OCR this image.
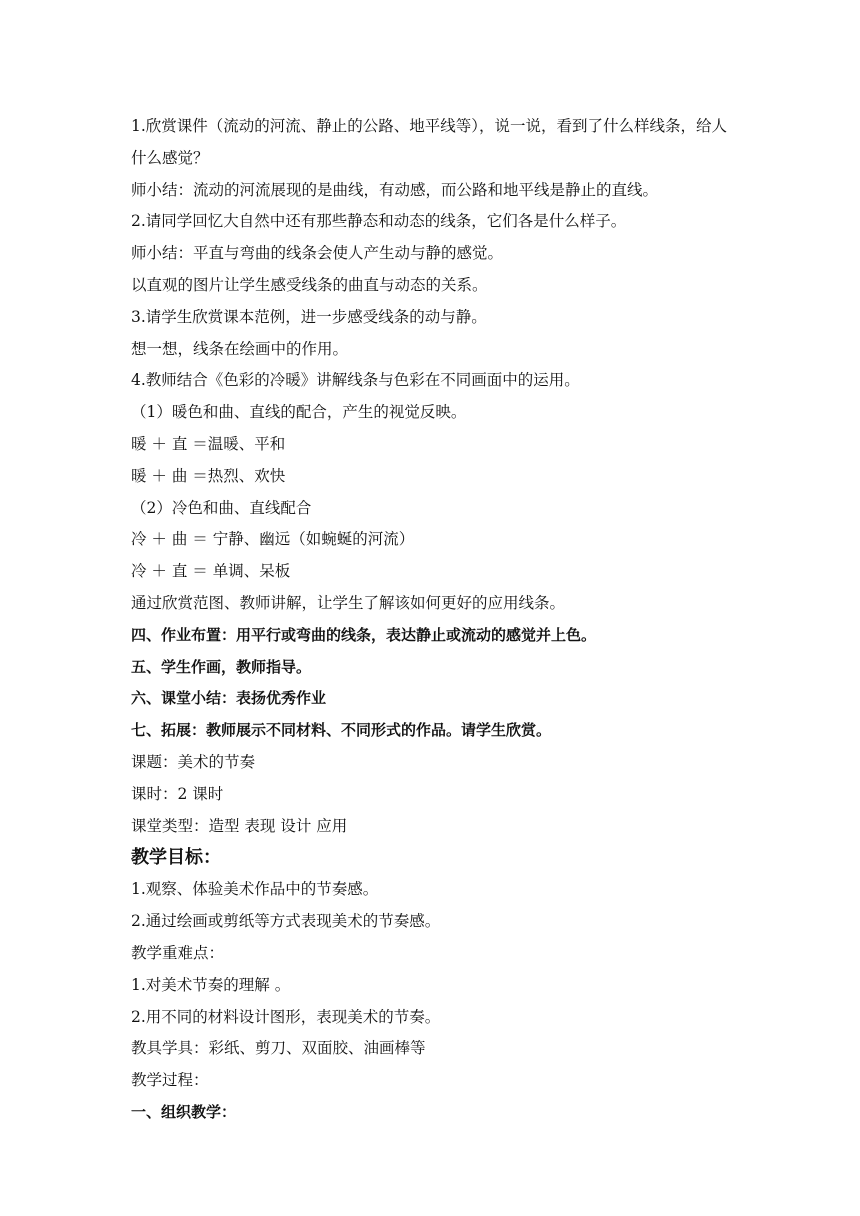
1.欣赏课件（流动的河流、静止的公路、地平线等），说一说，看到了什么样线条，给人什么感觉？

师小结：流动的河流展现的是曲线，有动感，而公路和地平线是静止的直线。

2.请同学回忆大自然中还有那些静态和动态的线条，它们各是什么样子。

师小结：平直与弯曲的线条会使人产生动与静的感觉。

以直观的图片让学生感受线条的曲直与动态的关系。

3.请学生欣赏课本范例，进一步感受线条的动与静。

想一想，线条在绘画中的作用。

4.教师结合《色彩的冷暖》讲解线条与色彩在不同画面中的运用。

（1）暖色和曲、直线的配合，产生的视觉反映。

暖 ＋ 直 ＝温暖、平和

暖 ＋ 曲 ＝热烈、欢快

（2）冷色和曲、直线配合

冷 ＋ 曲 ＝ 宁静、幽远（如蜿蜒的河流）

冷 ＋ 直 ＝ 单调、呆板

通过欣赏范图、教师讲解，让学生了解该如何更好的应用线条。

四、作业布置：用平行或弯曲的线条，表达静止或流动的感觉并上色。

五、学生作画，教师指导。

六、课堂小结：表扬优秀作业

七、拓展：教师展示不同材料、不同形式的作品。请学生欣赏。

课题：美术的节奏

课时：2 课时

课堂类型：造型 表现 设计 应用

教学目标：

1.观察、体验美术作品中的节奏感。

2.通过绘画或剪纸等方式表现美术的节奏感。

教学重难点：

1.对美术节奏的理解 。

2.用不同的材料设计图形，表现美术的节奏。

教具学具：彩纸、剪刀、双面胶、油画棒等

教学过程：

一、组织教学：
